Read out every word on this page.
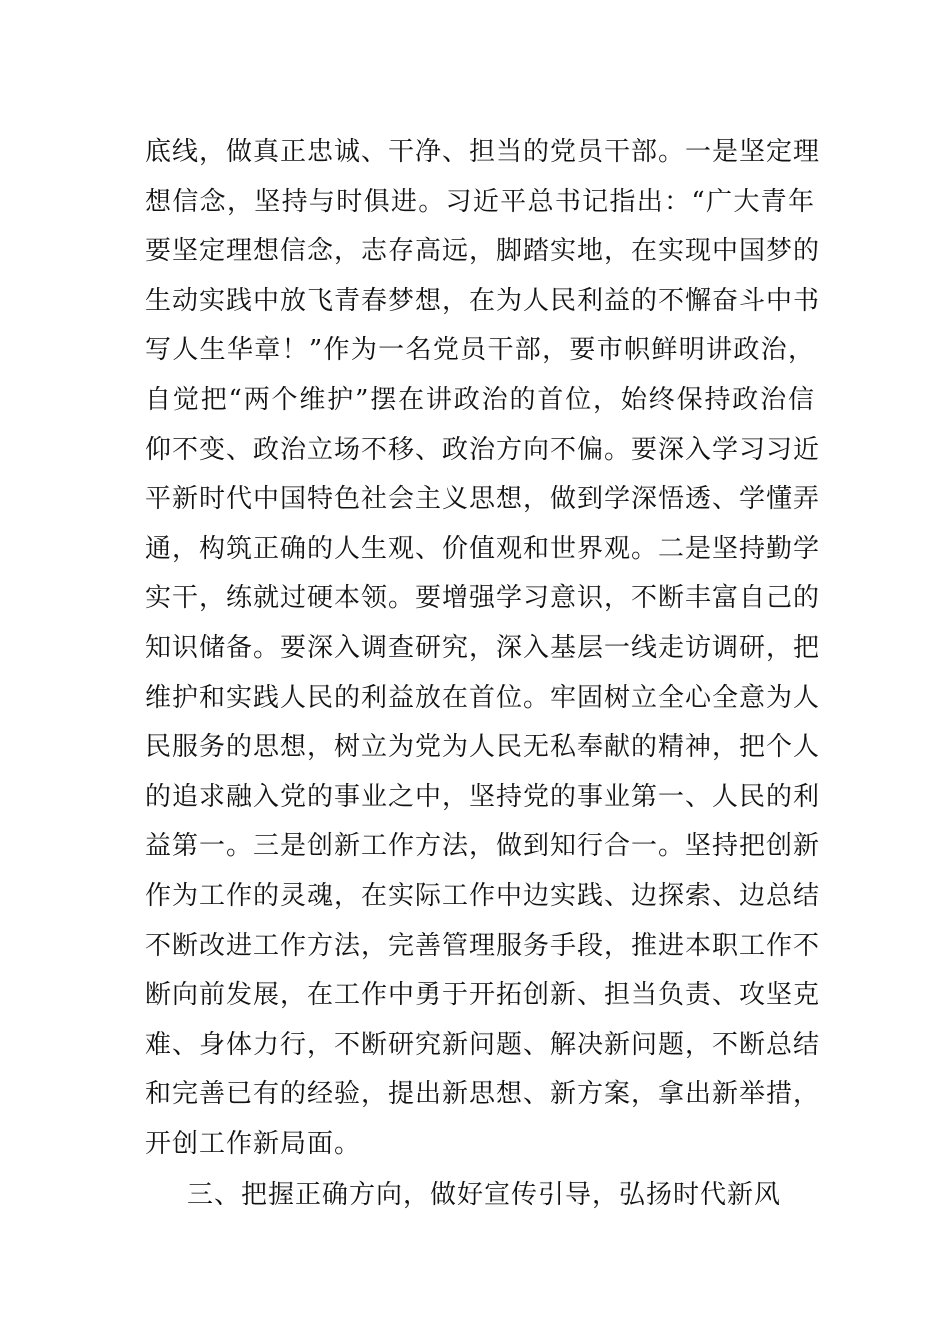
底线，做真正忠诚、干净、担当的党员干部。一是坚定理
想信念，坚持与时俱进。习近平总书记指出：“广大青年
要坚定理想信念，志存高远，脚踏实地，在实现中国梦的
生动实践中放飞青春梦想，在为人民利益的不懈奋斗中书
写人生华章！”作为一名党员干部，要市帜鲜明讲政治，
自觉把“两个维护”摆在讲政治的首位，始终保持政治信
仰不变、政治立场不移、政治方向不偏。要深入学习习近
平新时代中国特色社会主义思想，做到学深悟透、学懂弄
通，构筑正确的人生观、价值观和世界观。二是坚持勤学
实干，练就过硬本领。要增强学习意识，不断丰富自己的
知识储备。要深入调查研究，深入基层一线走访调研，把
维护和实践人民的利益放在首位。牢固树立全心全意为人
民服务的思想，树立为党为人民无私奉献的精神，把个人
的追求融入党的事业之中，坚持党的事业第一、人民的利
益第一。三是创新工作方法，做到知行合一。坚持把创新
作为工作的灵魂，在实际工作中边实践、边探索、边总结
不断改进工作方法，完善管理服务手段，推进本职工作不
断向前发展，在工作中勇于开拓创新、担当负责、攻坚克
难、身体力行，不断研究新问题、解决新问题，不断总结
和完善已有的经验，提出新思想、新方案，拿出新举措，
开创工作新局面。
三、把握正确方向，做好宣传引导，弘扬时代新风
